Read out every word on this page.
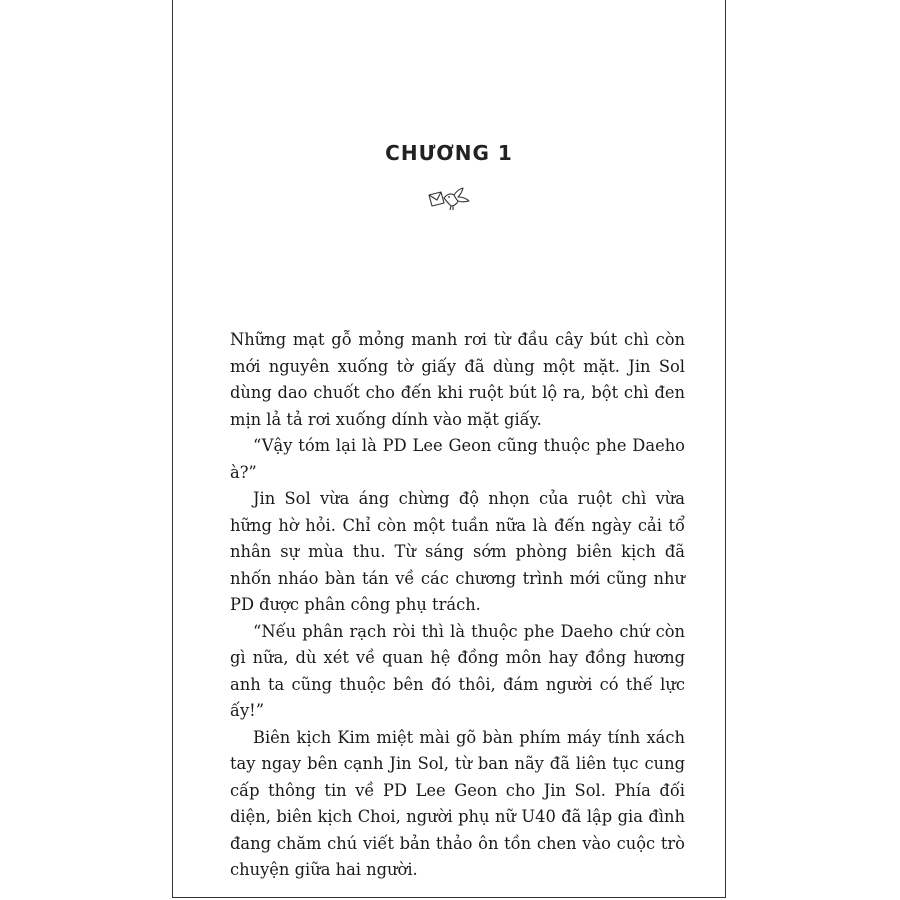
CHƯƠNG 1

Những mạt gỗ mỏng manh rơi từ đầu cây bút chì còn mới nguyên xuống tờ giấy đã dùng một mặt. Jin Sol dùng dao chuốt cho đến khi ruột bút lộ ra, bột chì đen mịn lả tả rơi xuống dính vào mặt giấy.

“Vậy tóm lại là PD Lee Geon cũng thuộc phe Daeho à?”

Jin Sol vừa áng chừng độ nhọn của ruột chì vừa hững hờ hỏi. Chỉ còn một tuần nữa là đến ngày cải tổ nhân sự mùa thu. Từ sáng sớm phòng biên kịch đã nhốn nháo bàn tán về các chương trình mới cũng như PD được phân công phụ trách.

“Nếu phân rạch ròi thì là thuộc phe Daeho chứ còn gì nữa, dù xét về quan hệ đồng môn hay đồng hương anh ta cũng thuộc bên đó thôi, đám người có thế lực ấy!”

Biên kịch Kim miệt mài gõ bàn phím máy tính xách tay ngay bên cạnh Jin Sol, từ ban nãy đã liên tục cung cấp thông tin về PD Lee Geon cho Jin Sol. Phía đối diện, biên kịch Choi, người phụ nữ U40 đã lập gia đình đang chăm chú viết bản thảo ôn tồn chen vào cuộc trò chuyện giữa hai người.
